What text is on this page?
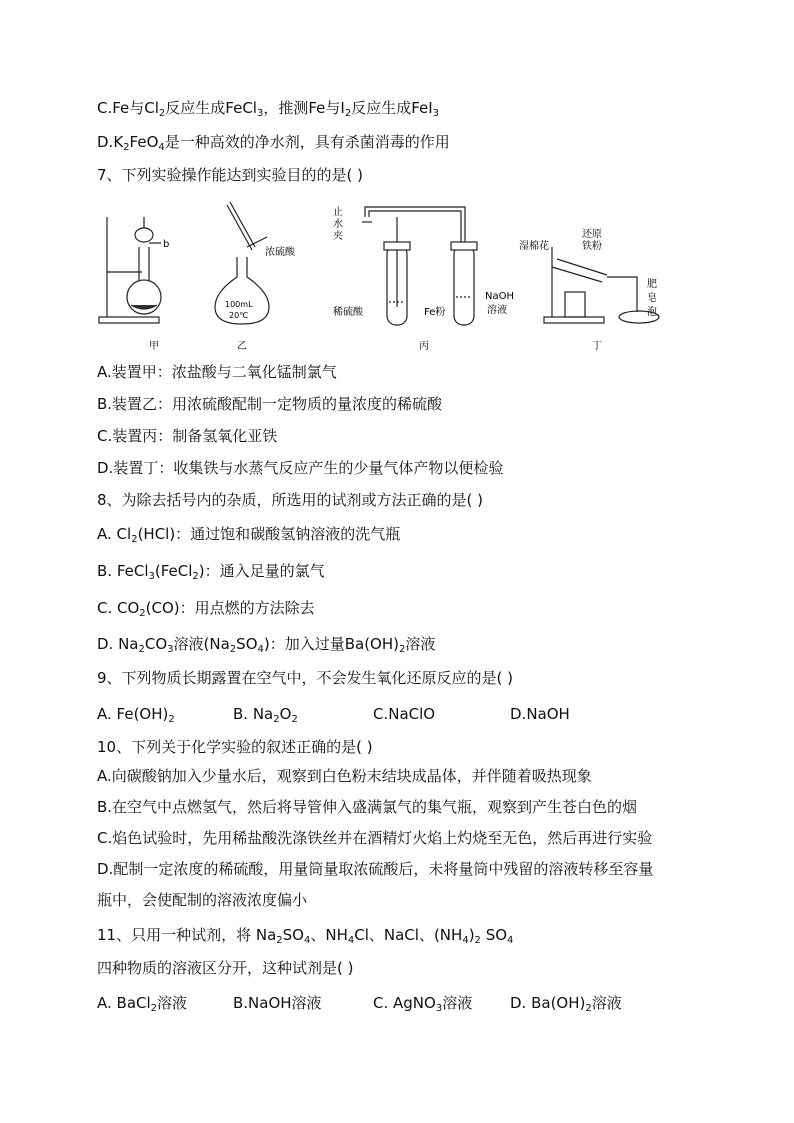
C.Fe与$Cl_2$反应生成FeCl$_3$，推测Fe与$I_2$反应生成FeI$_3$
$D.K_2FeO_4$是一种高效的净水剂，具有杀菌消毒的作用
7、下列实验操作能达到实验目的的是( )
甲	乙	丙	丁
b
浓硫酸
100mL
20℃
止
水
夹
稀硫酸	Fe粉
NaOH
溶液
湿棉花
还原
铁粉
肥
皂
泡
A.装置甲：浓盐酸与二氧化锰制氯气
B.装置乙：用浓硫酸配制一定物质的量浓度的稀硫酸
C.装置丙：制备氢氧化亚铁
D.装置丁：收集铁与水蒸气反应产生的少量气体产物以便检验
8、为除去括号内的杂质，所选用的试剂或方法正确的是( )
A. $Cl_2(HCl)$：通过饱和碳酸氢钠溶液的洗气瓶
B. FeCl$_3$(FeCl$_2$)：通入足量的氯气
C. $CO_2(CO)$：用点燃的方法除去
D. $Na_2CO_3$溶液$(Na_2SO_4)$：加入过量$Ba(OH)_2$溶液
9、下列物质长期露置在空气中，不会发生氧化还原反应的是( )
A. $Fe(OH)_2$	B. $Na_2O_2$	C.NaClO	D.NaOH
10、下列关于化学实验的叙述正确的是( )
A.向碳酸钠加入少量水后，观察到白色粉末结块成晶体，并伴随着吸热现象
B.在空气中点燃氢气，然后将导管伸入盛满氯气的集气瓶，观察到产生苍白色的烟
C.焰色试验时，先用稀盐酸洗涤铁丝并在酒精灯火焰上灼烧至无色，然后再进行实验
D.配制一定浓度的稀硫酸，用量筒量取浓硫酸后，未将量筒中残留的溶液转移至容量
瓶中，会使配制的溶液浓度偏小
11、只用一种试剂，将 $Na_2SO_4$、$NH_4Cl$、NaCl、$(NH_4)_2$ $SO_4$
四种物质的溶液区分开，这种试剂是( )
A. BaCl$_2$溶液	B.NaOH溶液	C. AgNO$_3$溶液	D. $Ba(OH)_2$溶液
